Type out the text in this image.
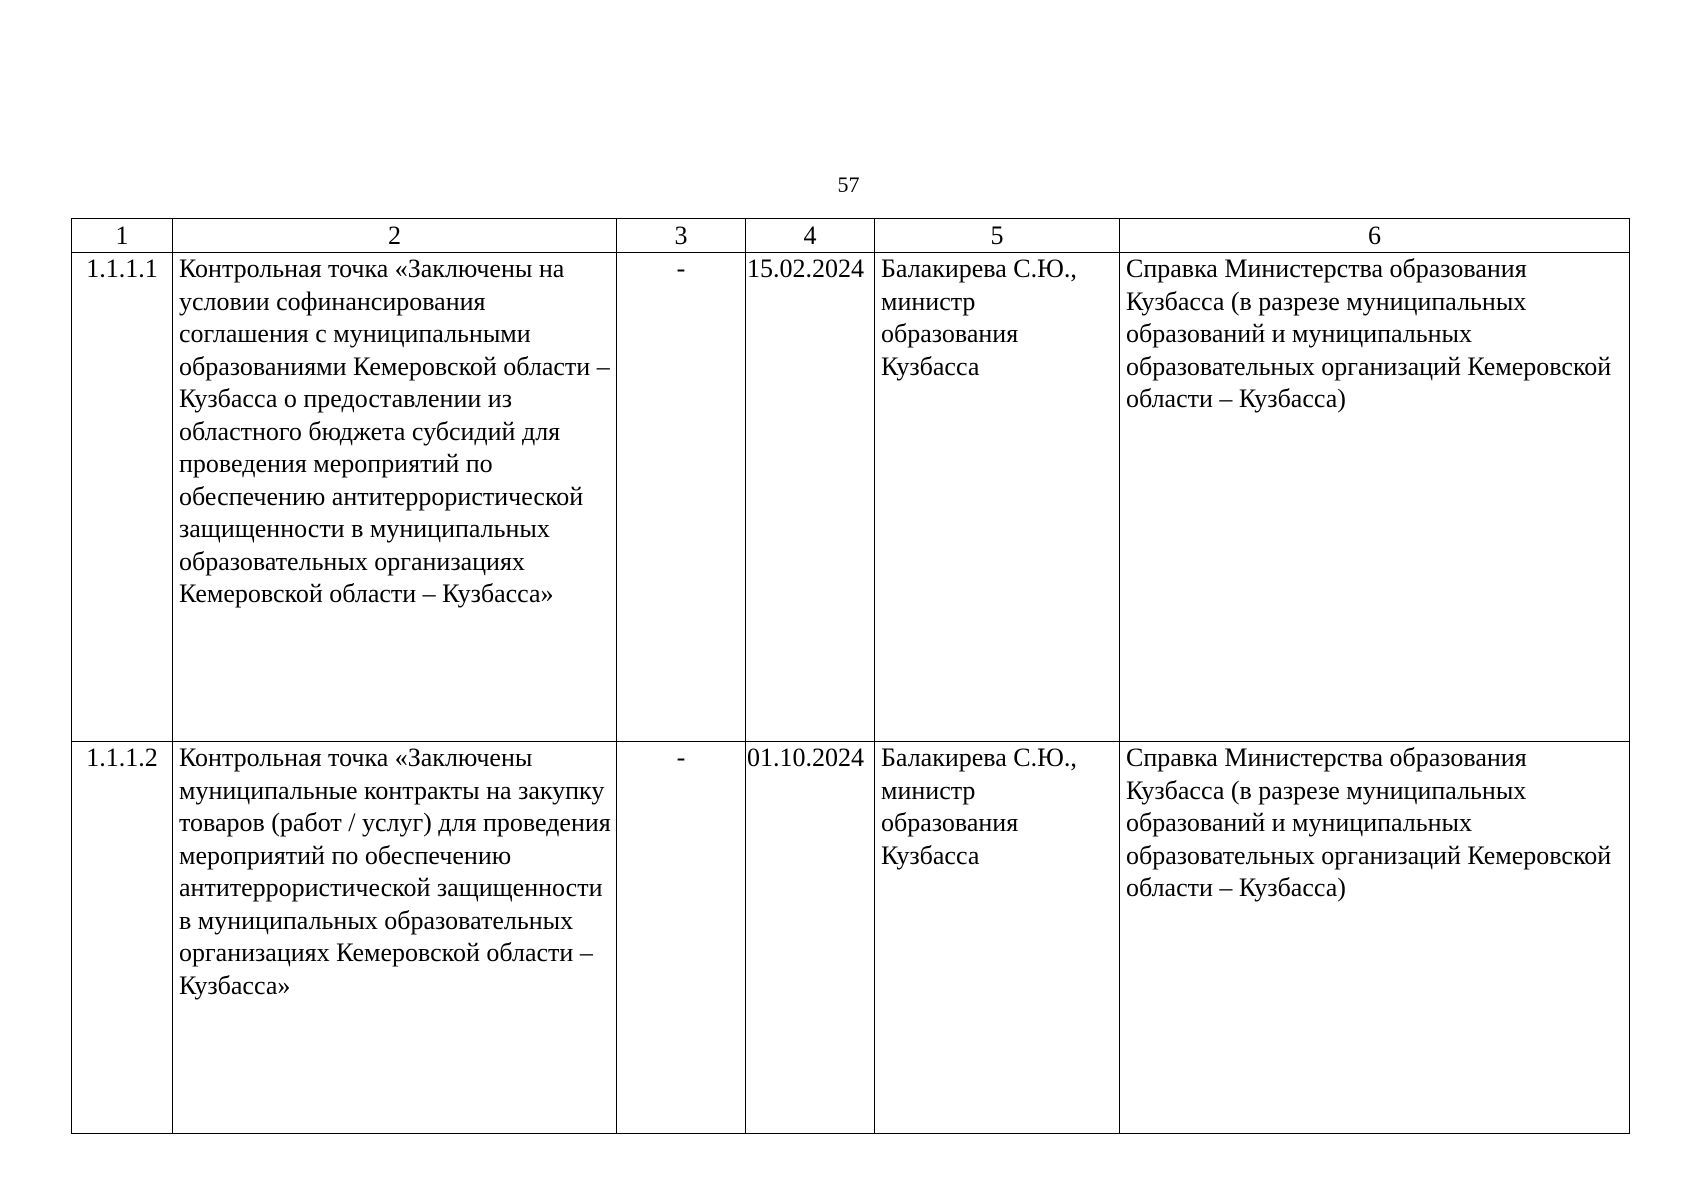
57
1	2	3	4	5	6
1.1.1.1	Контрольная точка «Заключены на условии софинансирования соглашения с муниципальными образованиями Кемеровской области – Кузбасса о предоставлении из областного бюджета субсидий для проведения мероприятий по обеспечению антитеррористической защищенности в муниципальных образовательных организациях Кемеровской области – Кузбасса»	-	15.02.2024	Балакирева С.Ю., министр образования Кузбасса	Справка Министерства образования Кузбасса (в разрезе муниципальных образований и муниципальных образовательных организаций Кемеровской области – Кузбасса)
1.1.1.2	Контрольная точка «Заключены муниципальные контракты на закупку товаров (работ / услуг) для проведения мероприятий по обеспечению антитеррористической защищенности в муниципальных образовательных организациях Кемеровской области – Кузбасса»	-	01.10.2024	Балакирева С.Ю., министр образования Кузбасса	Справка Министерства образования Кузбасса (в разрезе муниципальных образований и муниципальных образовательных организаций Кемеровской области – Кузбасса)
